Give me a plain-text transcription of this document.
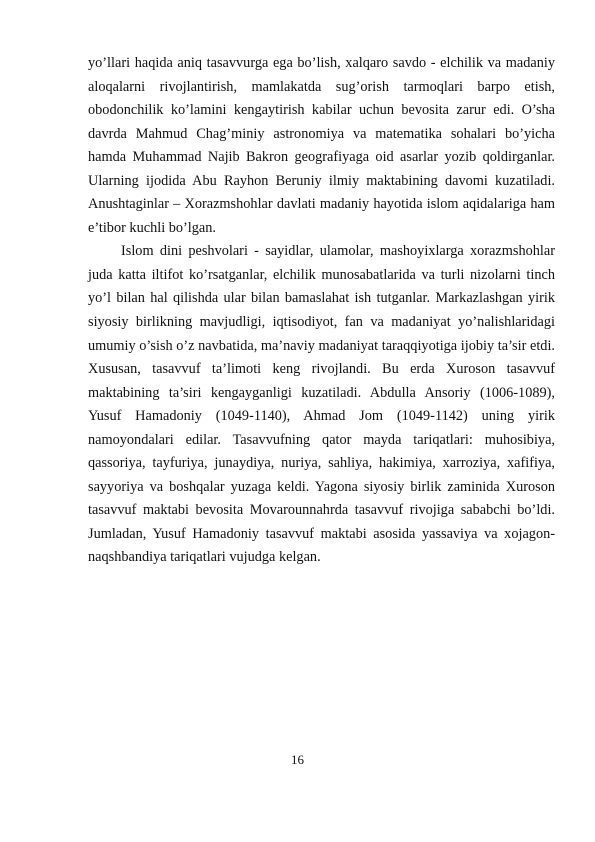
yo’llari haqida aniq tasavvurga ega bo’lish, xalqaro savdo - elchilik va madaniy aloqalarni rivojlantirish, mamlakatda sug’orish tarmoqlari barpo etish, obodonchilik ko’lamini kengaytirish kabilar uchun bevosita zarur edi. O’sha davrda Mahmud Chag’miniy astronomiya va matematika sohalari bo’yicha hamda Muhammad Najib Bakron geografiyaga oid asarlar yozib qoldirganlar. Ularning ijodida Abu Rayhon Beruniy ilmiy maktabining davomi kuzatiladi. Anushtaginlar – Xorazmshohlar davlati madaniy hayotida islom aqidalariga ham e’tibor kuchli bo’lgan.

Islom dini peshvolari - sayidlar, ulamolar, mashoyixlarga xorazmshohlar juda katta iltifot ko’rsatganlar, elchilik munosabatlarida va turli nizolarni tinch yo’l bilan hal qilishda ular bilan bamaslahat ish tutganlar. Markazlashgan yirik siyosiy birlikning mavjudligi, iqtisodiyot, fan va madaniyat yo’nalishlaridagi umumiy o’sish o’z navbatida, ma’naviy madaniyat taraqqiyotiga ijobiy ta’sir etdi. Xususan, tasavvuf ta’limoti keng rivojlandi. Bu erda Xuroson tasavvuf maktabining ta’siri kengayganligi kuzatiladi. Abdulla Ansoriy (1006-1089), Yusuf Hamadoniy (1049-1140), Ahmad Jom (1049-1142) uning yirik namoyondalari edilar. Tasavvufning qator mayda tariqatlari: muhosibiya, qassoriya, tayfuriya, junaydiya, nuriya, sahliya, hakimiya, xarroziya, xafifiya, sayyoriya va boshqalar yuzaga keldi. Yagona siyosiy birlik zaminida Xuroson tasavvuf maktabi bevosita Movarounnahrda tasavvuf rivojiga sababchi bo’ldi. Jumladan, Yusuf Hamadoniy tasavvuf maktabi asosida yassaviya va xojagon-naqshbandiya tariqatlari vujudga kelgan.

16
